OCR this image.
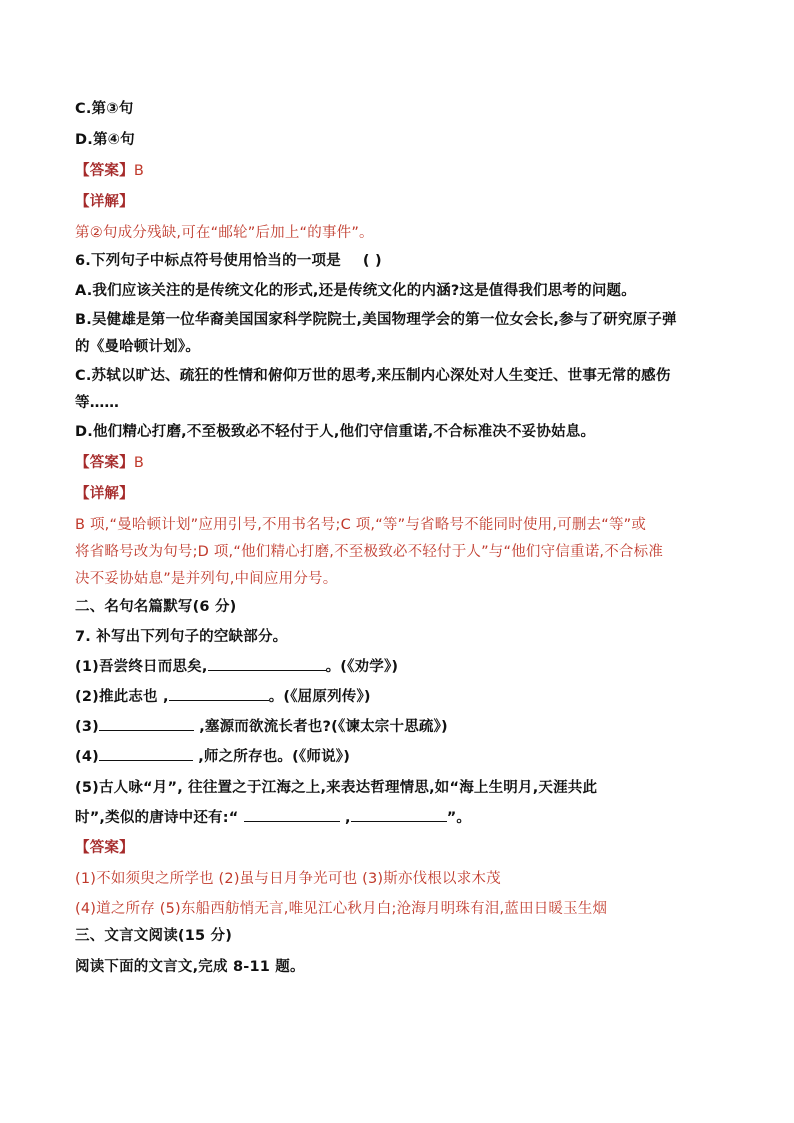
C.第③句
D.第④句
【答案】B
【详解】
第②句成分残缺,可在“邮轮”后加上“的事件”。
6.下列句子中标点符号使用恰当的一项是 ( )
A.我们应该关注的是传统文化的形式,还是传统文化的内涵?这是值得我们思考的问题。
B.吴健雄是第一位华裔美国国家科学院院士,美国物理学会的第一位女会长,参与了研究原子弹
的《曼哈顿计划》。
C.苏轼以旷达、疏狂的性情和俯仰万世的思考,来压制内心深处对人生变迁、世事无常的感伤
等……
D.他们精心打磨,不至极致必不轻付于人,他们守信重诺,不合标准决不妥协姑息。
【答案】B
【详解】
B 项,“曼哈顿计划”应用引号,不用书名号;C 项,“等”与省略号不能同时使用,可删去“等”或
将省略号改为句号;D 项,“他们精心打磨,不至极致必不轻付于人”与“他们守信重诺,不合标准
决不妥协姑息”是并列句,中间应用分号。
二、名句名篇默写(6 分)
7. 补写出下列句子的空缺部分。
(1)吾尝终日而思矣,	。(《劝学》)
(2)推此志也 ,	。(《屈原列传》)
(3)	,塞源而欲流长者也?(《谏太宗十思疏》)
(4)	,师之所存也。(《师说》)
(5)古人咏“月”, 往往置之于江海之上,来表达哲理情思,如“海上生明月,天涯共此
时”,类似的唐诗中还有:“	,	”。
【答案】
(1)不如须臾之所学也 (2)虽与日月争光可也 (3)斯亦伐根以求木茂
(4)道之所存 (5)东船西舫悄无言,唯见江心秋月白;沧海月明珠有泪,蓝田日暖玉生烟
三、文言文阅读(15 分)
阅读下面的文言文,完成 8-11 题。
